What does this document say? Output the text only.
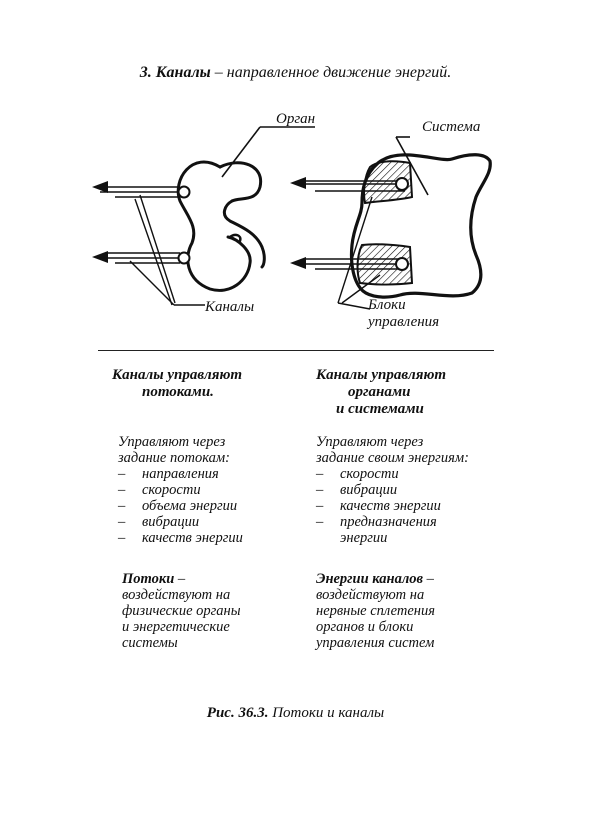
3. Каналы – направленное движение энергий.
Орган	Система
Каналы	Блоки
управления
Каналы управляют
потоками.
Управляют через
задание потокам:
– направления
– скорости
– объема энергии
– вибрации
– качеств энергии
Потоки –
воздействуют на
физические органы
и энергетические
системы
Каналы управляют
органами
и системами
Управляют через
задание своим энергиям:
– скорости
– вибрации
– качеств энергии
– предназначения
энергии
Энергии каналов –
воздействуют на
нервные сплетения
органов и блоки
управления систем
Рис. 36.3. Потоки и каналы
